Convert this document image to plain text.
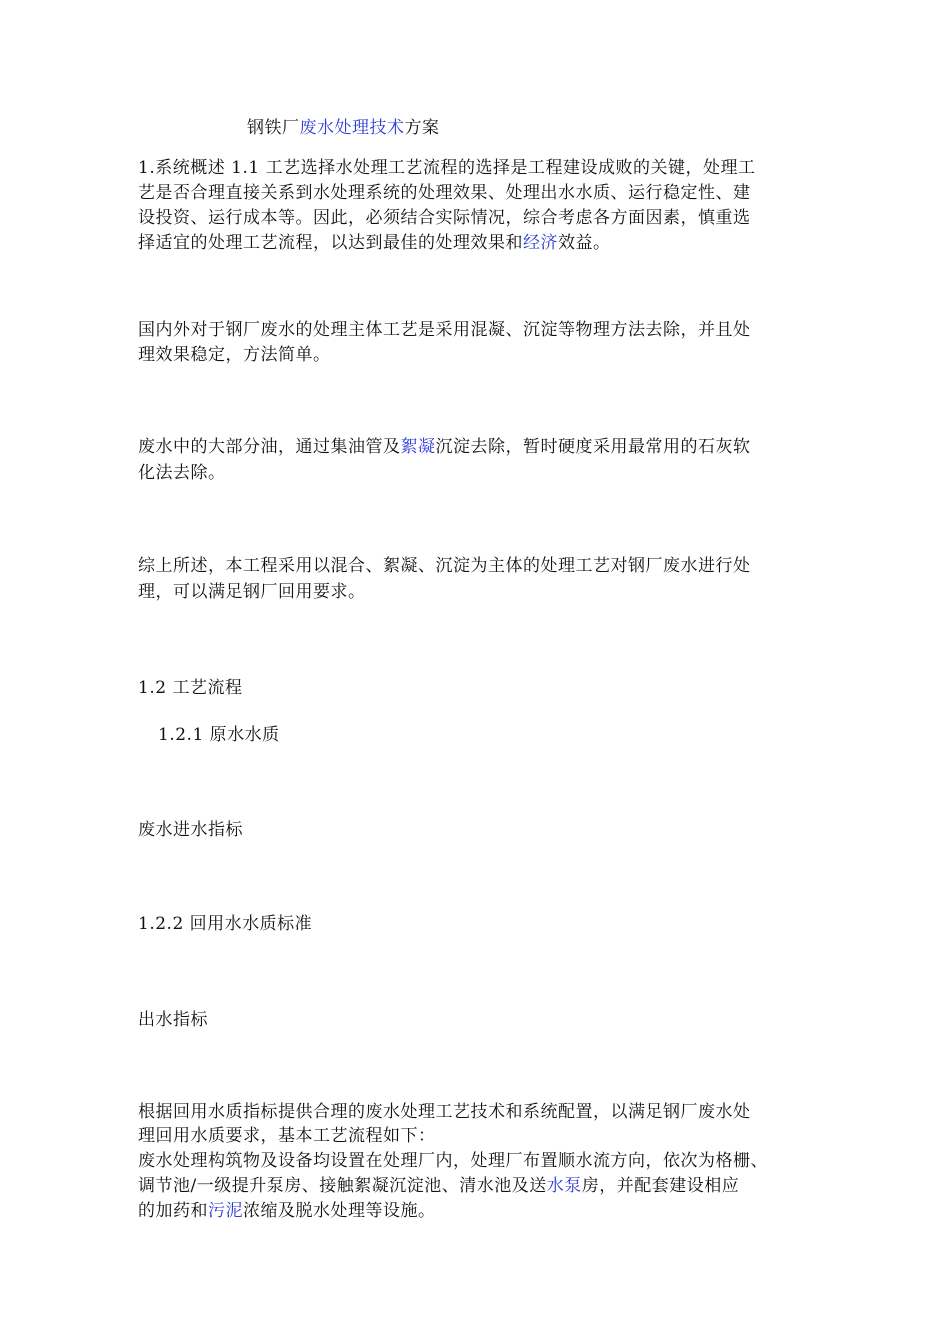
钢铁厂废水处理技术方案
1.系统概述 1.1 工艺选择水处理工艺流程的选择是工程建设成败的关键，处理工
艺是否合理直接关系到水处理系统的处理效果、处理出水水质、运行稳定性、建
设投资、运行成本等。因此，必须结合实际情况，综合考虑各方面因素，慎重选
择适宜的处理工艺流程，以达到最佳的处理效果和经济效益。
国内外对于钢厂废水的处理主体工艺是采用混凝、沉淀等物理方法去除，并且处
理效果稳定，方法简单。
废水中的大部分油，通过集油管及絮凝沉淀去除，暂时硬度采用最常用的石灰软
化法去除。
综上所述，本工程采用以混合、絮凝、沉淀为主体的处理工艺对钢厂废水进行处
理，可以满足钢厂回用要求。
1.2 工艺流程
1.2.1 原水水质
废水进水指标
1.2.2 回用水水质标准
出水指标
根据回用水质指标提供合理的废水处理工艺技术和系统配置，以满足钢厂废水处
理回用水质要求，基本工艺流程如下：
废水处理构筑物及设备均设置在处理厂内，处理厂布置顺水流方向，依次为格栅、
调节池/一级提升泵房、接触絮凝沉淀池、清水池及送水泵房，并配套建设相应
的加药和污泥浓缩及脱水处理等设施。
